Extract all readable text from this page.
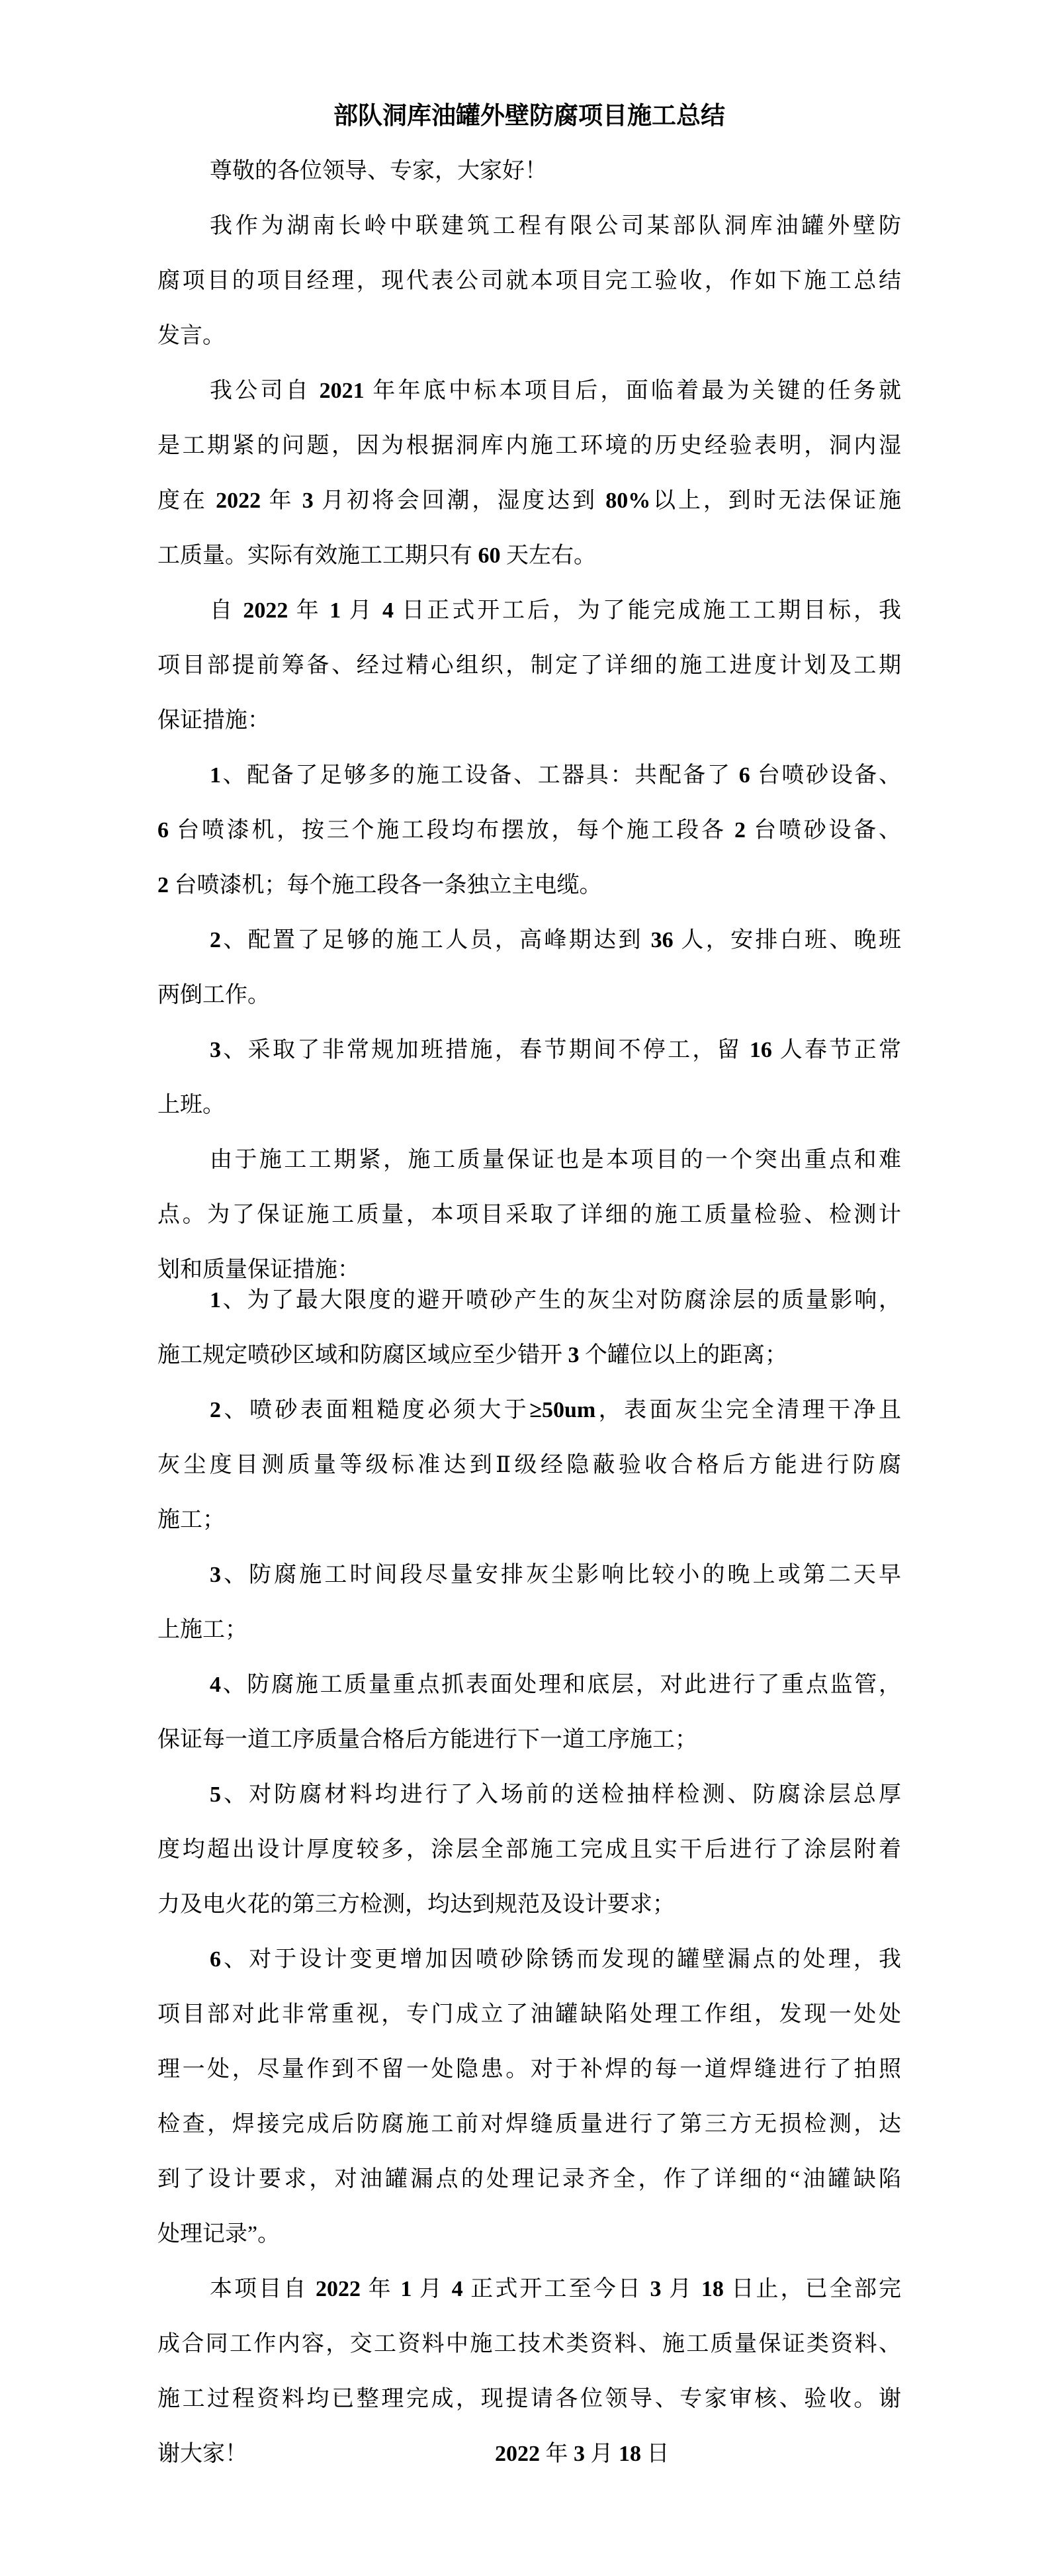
部队洞库油罐外壁防腐项目施工总结
尊敬的各位领导、专家，大家好！
我作为湖南长岭中联建筑工程有限公司某部队洞库油罐外壁防
腐项目的项目经理，现代表公司就本项目完工验收，作如下施工总结
发言。
我公司自 2021 年年底中标本项目后，面临着最为关键的任务就
是工期紧的问题，因为根据洞库内施工环境的历史经验表明，洞内湿
度在 2022 年 3 月初将会回潮，湿度达到 80%以上，到时无法保证施
工质量。实际有效施工工期只有 60 天左右。
自 2022 年 1 月 4 日正式开工后，为了能完成施工工期目标，我
项目部提前筹备、经过精心组织，制定了详细的施工进度计划及工期
保证措施：
1、配备了足够多的施工设备、工器具：共配备了 6 台喷砂设备、
6 台喷漆机，按三个施工段均布摆放，每个施工段各 2 台喷砂设备、
2 台喷漆机；每个施工段各一条独立主电缆。
2、配置了足够的施工人员，高峰期达到 36 人，安排白班、晚班
两倒工作。
3、采取了非常规加班措施，春节期间不停工，留 16 人春节正常
上班。
由于施工工期紧，施工质量保证也是本项目的一个突出重点和难
点。为了保证施工质量，本项目采取了详细的施工质量检验、检测计
划和质量保证措施：
1、为了最大限度的避开喷砂产生的灰尘对防腐涂层的质量影响，
施工规定喷砂区域和防腐区域应至少错开 3 个罐位以上的距离；
2、喷砂表面粗糙度必须大于≥50um，表面灰尘完全清理干净且
灰尘度目测质量等级标准达到Ⅱ级经隐蔽验收合格后方能进行防腐
施工；
3、防腐施工时间段尽量安排灰尘影响比较小的晚上或第二天早
上施工；
4、防腐施工质量重点抓表面处理和底层，对此进行了重点监管，
保证每一道工序质量合格后方能进行下一道工序施工；
5、对防腐材料均进行了入场前的送检抽样检测、防腐涂层总厚
度均超出设计厚度较多，涂层全部施工完成且实干后进行了涂层附着
力及电火花的第三方检测，均达到规范及设计要求；
6、对于设计变更增加因喷砂除锈而发现的罐壁漏点的处理，我
项目部对此非常重视，专门成立了油罐缺陷处理工作组，发现一处处
理一处，尽量作到不留一处隐患。对于补焊的每一道焊缝进行了拍照
检查，焊接完成后防腐施工前对焊缝质量进行了第三方无损检测，达
到了设计要求，对油罐漏点的处理记录齐全，作了详细的“油罐缺陷
处理记录”。
本项目自 2022 年 1 月 4 正式开工至今日 3 月 18 日止，已全部完
成合同工作内容，交工资料中施工技术类资料、施工质量保证类资料、
施工过程资料均已整理完成，现提请各位领导、专家审核、验收。谢
谢大家！	2022 年 3 月 18 日
